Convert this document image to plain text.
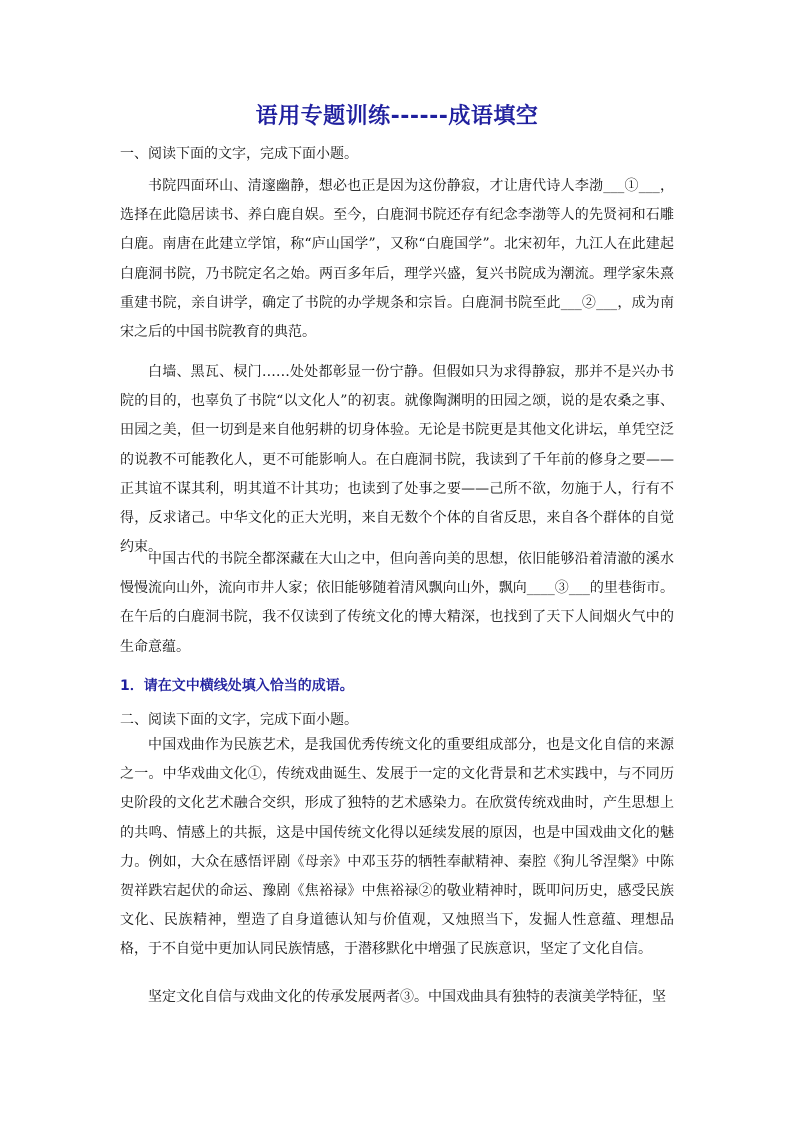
语用专题训练------成语填空
一、阅读下面的文字，完成下面小题。

书院四面环山、清邃幽静，想必也正是因为这份静寂，才让唐代诗人李渤___①___，选择在此隐居读书、养白鹿自娱。至今，白鹿洞书院还存有纪念李渤等人的先贤祠和石雕白鹿。南唐在此建立学馆，称“庐山国学”，又称“白鹿国学”。北宋初年，九江人在此建起白鹿洞书院，乃书院定名之始。两百多年后，理学兴盛，复兴书院成为潮流。理学家朱熹重建书院，亲自讲学，确定了书院的办学规条和宗旨。白鹿洞书院至此___②___，成为南宋之后的中国书院教育的典范。

白墙、黑瓦、棂门……处处都彰显一份宁静。但假如只为求得静寂，那并不是兴办书院的目的，也辜负了书院“以文化人”的初衷。就像陶渊明的田园之颂，说的是农桑之事、田园之美，但一切到是来自他躬耕的切身体验。无论是书院更是其他文化讲坛，单凭空泛的说教不可能教化人，更不可能影响人。在白鹿洞书院，我读到了千年前的修身之要——正其谊不谋其利，明其道不计其功；也读到了处事之要——己所不欲，勿施于人，行有不得，反求诸己。中华文化的正大光明，来自无数个个体的自省反思，来自各个群体的自觉约束。

中国古代的书院全都深藏在大山之中，但向善向美的思想，依旧能够沿着清澈的溪水慢慢流向山外，流向市井人家；依旧能够随着清风飘向山外，飘向____③___的里巷街市。在午后的白鹿洞书院，我不仅读到了传统文化的博大精深，也找到了天下人间烟火气中的生命意蕴。

1．请在文中横线处填入恰当的成语。
二、阅读下面的文字，完成下面小题。

中国戏曲作为民族艺术，是我国优秀传统文化的重要组成部分，也是文化自信的来源之一。中华戏曲文化①，传统戏曲诞生、发展于一定的文化背景和艺术实践中，与不同历史阶段的文化艺术融合交织，形成了独特的艺术感染力。在欣赏传统戏曲时，产生思想上的共鸣、情感上的共振，这是中国传统文化得以延续发展的原因，也是中国戏曲文化的魅力。例如，大众在感悟评剧《母亲》中邓玉芬的牺牲奉献精神、秦腔《狗儿爷涅槃》中陈贺祥跌宕起伏的命运、豫剧《焦裕禄》中焦裕禄②的敬业精神时，既叩问历史，感受民族文化、民族精神，塑造了自身道德认知与价值观，又烛照当下，发掘人性意蕴、理想品格，于不自觉中更加认同民族情感，于潜移默化中增强了民族意识，坚定了文化自信。

坚定文化自信与戏曲文化的传承发展两者③。中国戏曲具有独特的表演美学特征，坚
